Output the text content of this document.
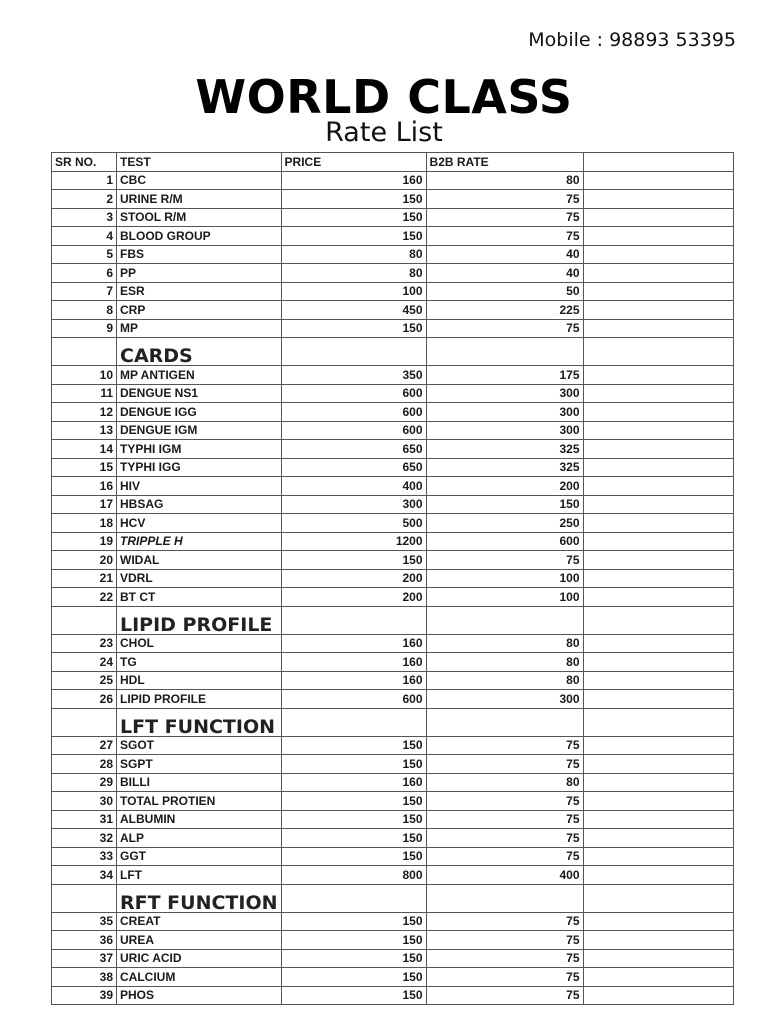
Mobile : 98893 53395
WORLD CLASS
Rate List
SR NO.	TEST	PRICE	B2B RATE	
1	CBC	160	80	
2	URINE R/M	150	75	
3	STOOL R/M	150	75	
4	BLOOD GROUP	150	75	
5	FBS	80	40	
6	PP	80	40	
7	ESR	100	50	
8	CRP	450	225	
9	MP	150	75	
	CARDS			
10	MP ANTIGEN	350	175	
11	DENGUE NS1	600	300	
12	DENGUE IGG	600	300	
13	DENGUE IGM	600	300	
14	TYPHI IGM	650	325	
15	TYPHI IGG	650	325	
16	HIV	400	200	
17	HBSAG	300	150	
18	HCV	500	250	
19	TRIPPLE H	1200	600	
20	WIDAL	150	75	
21	VDRL	200	100	
22	BT CT	200	100	
	LIPID PROFILE			
23	CHOL	160	80	
24	TG	160	80	
25	HDL	160	80	
26	LIPID PROFILE	600	300	
	LFT FUNCTION			
27	SGOT	150	75	
28	SGPT	150	75	
29	BILLI	160	80	
30	TOTAL PROTIEN	150	75	
31	ALBUMIN	150	75	
32	ALP	150	75	
33	GGT	150	75	
34	LFT	800	400	
	RFT FUNCTION			
35	CREAT	150	75	
36	UREA	150	75	
37	URIC ACID	150	75	
38	CALCIUM	150	75	
39	PHOS	150	75	
